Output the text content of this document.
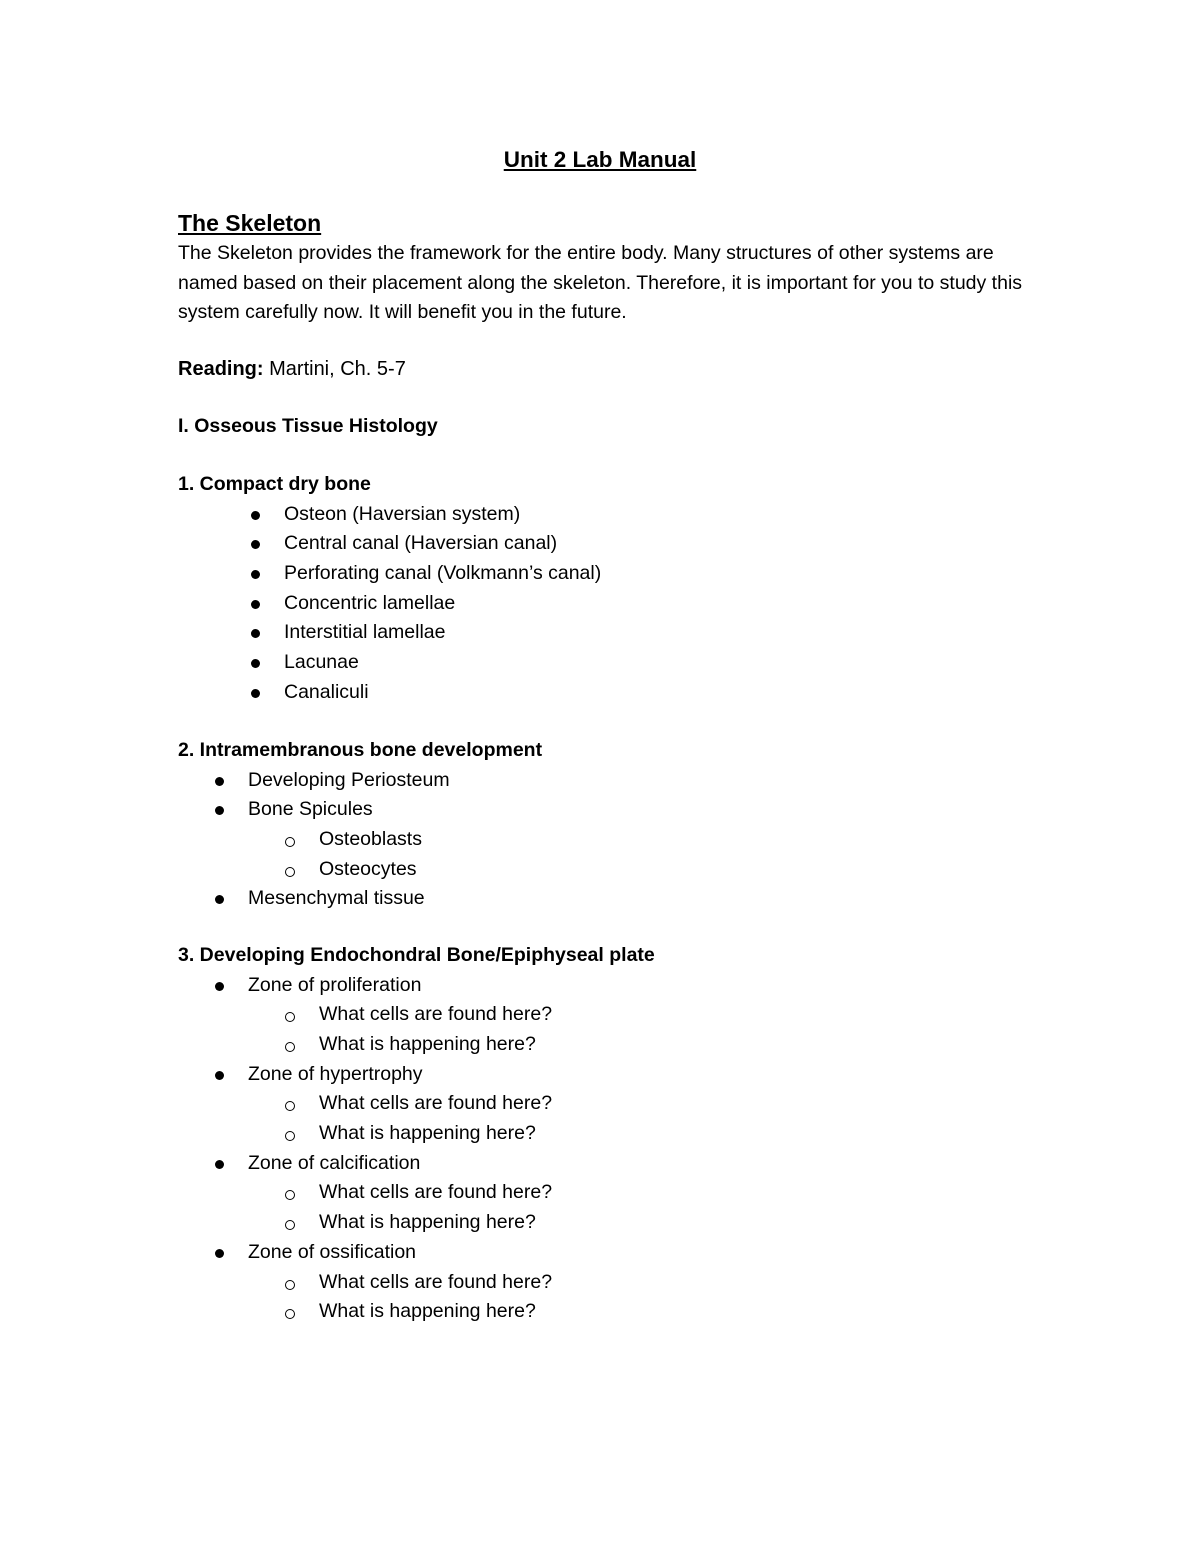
Unit 2 Lab Manual
The Skeleton

The Skeleton provides the framework for the entire body. Many structures of other systems are named based on their placement along the skeleton. Therefore, it is important for you to study this system carefully now. It will benefit you in the future.

Reading: Martini, Ch. 5-7
I. Osseous Tissue Histology
1. Compact dry bone
Osteon (Haversian system)
Central canal (Haversian canal)
Perforating canal (Volkmann’s canal)
Concentric lamellae
Interstitial lamellae
Lacunae
Canaliculi
2. Intramembranous bone development
Developing Periosteum
Bone Spicules
Osteoblasts
Osteocytes
Mesenchymal tissue
3. Developing Endochondral Bone/Epiphyseal plate
Zone of proliferation
What cells are found here?
What is happening here?
Zone of hypertrophy
What cells are found here?
What is happening here?
Zone of calcification
What cells are found here?
What is happening here?
Zone of ossification
What cells are found here?
What is happening here?
